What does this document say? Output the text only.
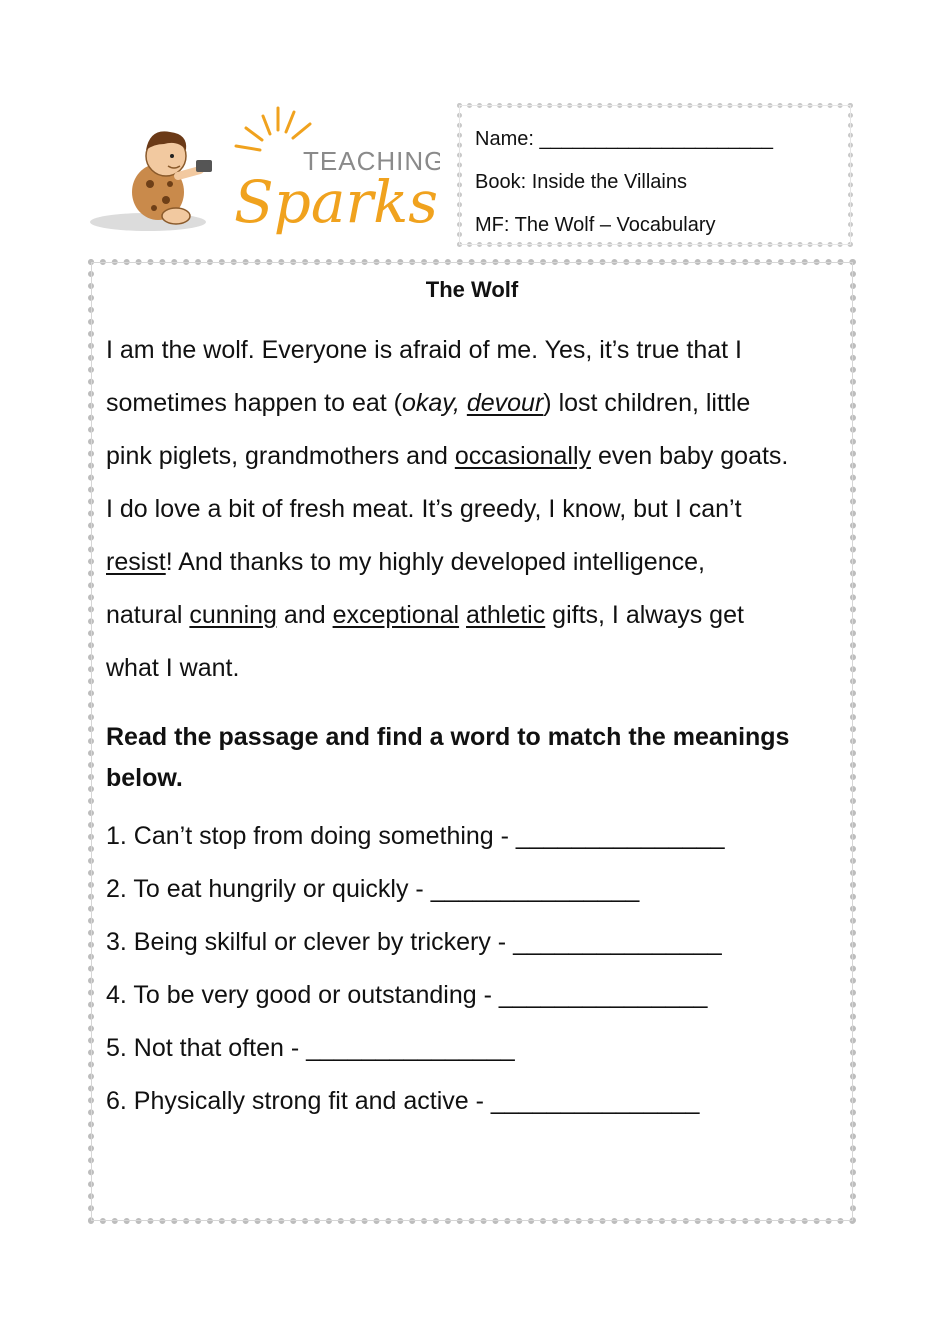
TEACHING
Sparks
Name: _____________________
Book: Inside the Villains
MF: The Wolf – Vocabulary
The Wolf

I am the wolf. Everyone is afraid of me. Yes, it’s true that I

sometimes happen to eat (okay, devour) lost children, little

pink piglets, grandmothers and occasionally even baby goats.

I do love a bit of fresh meat. It’s greedy, I know, but I can’t

resist! And thanks to my highly developed intelligence,

natural cunning and exceptional athletic gifts, I always get

what I want.

Read the passage and find a word to match the meanings below.
1. Can’t stop from doing something - _______________
2. To eat hungrily or quickly - _______________
3. Being skilful or clever by trickery - _______________
4. To be very good or outstanding - _______________
5. Not that often - _______________
6. Physically strong fit and active - _______________
